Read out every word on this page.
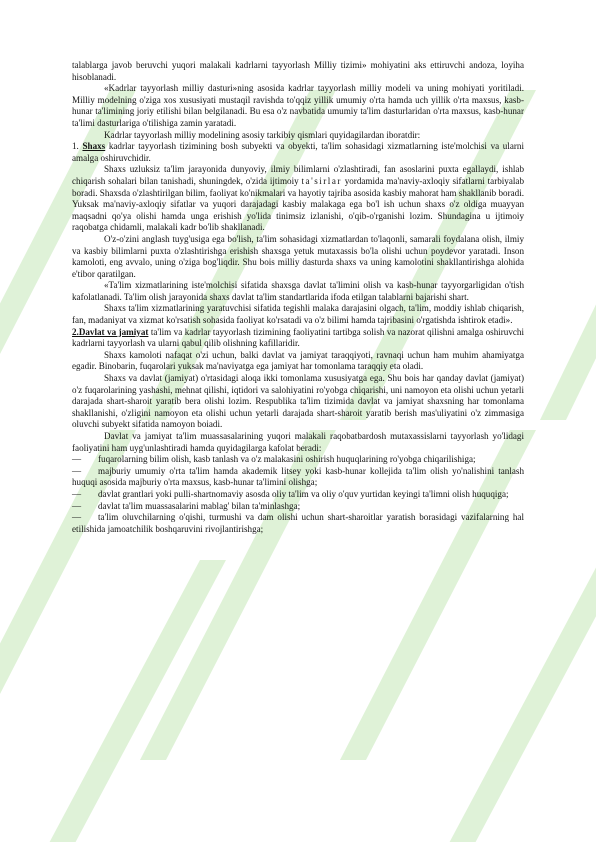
talablarga javob beruvchi yuqori malakali kadrlarni tayyorlash Milliy tizimi» mohiyatini aks ettiruvchi andoza, loyiha hisoblanadi.

«Kadrlar tayyorlash milliy dasturi»ning asosida kadrlar tayyorlash milliy modeli va uning mohiyati yoritiladi. Milliy modelning o'ziga xos xususiyati mustaqil ravishda to'qqiz yillik umumiy o'rta hamda uch yillik o'rta maxsus, kasb-hunar ta'limining joriy etilishi bilan belgilanadi. Bu esa o'z navbatida umumiy ta'lim dasturlaridan o'rta maxsus, kasb-hunar ta'limi dasturlariga o'tilishiga zamin yaratadi.

Kadrlar tayyorlash milliy modelining asosiy tarkibiy qismlari quyidagilardan iboratdir:

1. Shaxs kadrlar tayyorlash tizimining bosh subyekti va obyekti, ta'lim sohasidagi xizmatlarning iste'molchisi va ularni amalga oshiruvchidir.

Shaxs uzluksiz ta'lim jarayonida dunyoviy, ilmiy bilimlarni o'zlashtiradi, fan asoslarini puxta egallaydi, ishlab chiqarish sohalari bilan tanishadi, shuningdek, o'zida ijtimoiy ta'sirlar yordamida ma'naviy-axloqiy sifatlarni tarbiyalab boradi. Shaxsda o'zlashtirilgan bilim, faoliyat ko'nikmalari va hayotiy tajriba asosida kasbiy mahorat ham shakllanib boradi. Yuksak ma'naviy-axloqiy sifatlar va yuqori darajadagi kasbiy malakaga ega bo'l ish uchun shaxs o'z oldiga muayyan maqsadni qo'ya olishi hamda unga erishish yo'lida tinimsiz izlanishi, o'qib-o'rganishi lozim. Shundagina u ijtimoiy raqobatga chidamli, malakali kadr bo'lib shakllanadi.

O'z-o'zini anglash tuyg'usiga ega bo'lish, ta'lim sohasidagi xizmatlardan to'laqonli, samarali foydalana olish, ilmiy va kasbiy bilimlarni puxta o'zlashtirishga erishish shaxsga yetuk mutaxassis bo'la olishi uchun poydevor yaratadi. Inson kamoloti, eng avvalo, uning o'ziga bog'liqdir. Shu bois milliy dasturda shaxs va uning kamolotini shakllantirishga alohida e'tibor qaratilgan.

«Ta'lim xizmatlarining iste'molchisi sifatida shaxsga davlat ta'limini olish va kasb-hunar tayyorgarligidan o'tish kafolatlanadi. Ta'lim olish jarayonida shaxs davlat ta'lim standartlarida ifoda etilgan talablarni bajarishi shart.

Shaxs ta'lim xizmatlarining yaratuvchisi sifatida tegishli malaka darajasini olgach, ta'lim, moddiy ishlab chiqarish, fan, madaniyat va xizmat ko'rsatish sohasida faoliyat ko'rsatadi va o'z bilimi hamda tajribasini o'rgatishda ishtirok etadi».

2.Davlat va jamiyat ta'lim va kadrlar tayyorlash tizimining faoliyatini tartibga solish va nazorat qilishni amalga oshiruvchi kadrlarni tayyorlash va ularni qabul qilib olishning kafillaridir.

Shaxs kamoloti nafaqat o'zi uchun, balki davlat va jamiyat taraqqiyoti, ravnaqi uchun ham muhim ahamiyatga egadir. Binobarin, fuqarolari yuksak ma'naviyatga ega jamiyat har tomonlama taraqqiy eta oladi.

Shaxs va davlat (jamiyat) o'rtasidagi aloqa ikki tomonlama xususiyatga ega. Shu bois har qanday davlat (jamiyat) o'z fuqarolarining yashashi, mehnat qilishi, iqtidori va salohiyatini ro'yobga chiqarishi, uni namoyon eta olishi uchun yetarli darajada shart-sharoit yaratib bera olishi lozim. Respublika ta'lim tizimida davlat va jamiyat shaxsning har tomonlama shakllanishi, o'zligini namoyon eta olishi uchun yetarli darajada shart-sharoit yaratib berish mas'uliyatini o'z zimmasiga oluvchi subyekt sifatida namoyon boiadi.

Davlat va jamiyat ta'lim muassasalarining yuqori malakali raqobatbardosh mutaxassislarni tayyorlash yo'lidagi faoliyatini ham uyg'unlashtiradi hamda quyidagilarga kafolat beradi:

— fuqarolarning bilim olish, kasb tanlash va o'z malakasini oshirish huquqlarining ro'yobga chiqarilishiga;

— majburiy umumiy o'rta ta'lim hamda akademik litsey yoki kasb-hunar kollejida ta'lim olish yo'nalishini tanlash huquqi asosida majburiy o'rta maxsus, kasb-hunar ta'limini olishga;

— davlat grantlari yoki pulli-shartnomaviy asosda oliy ta'lim va oliy o'quv yurtidan keyingi ta'limni olish huquqiga;

— davlat ta'lim muassasalarini mablag' bilan ta'minlashga;

— ta'lim oluvchilarning o'qishi, turmushi va dam olishi uchun shart-sharoitlar yaratish borasidagi vazifalarning hal etilishida jamoatchilik boshqaruvini rivojlantirishga;
